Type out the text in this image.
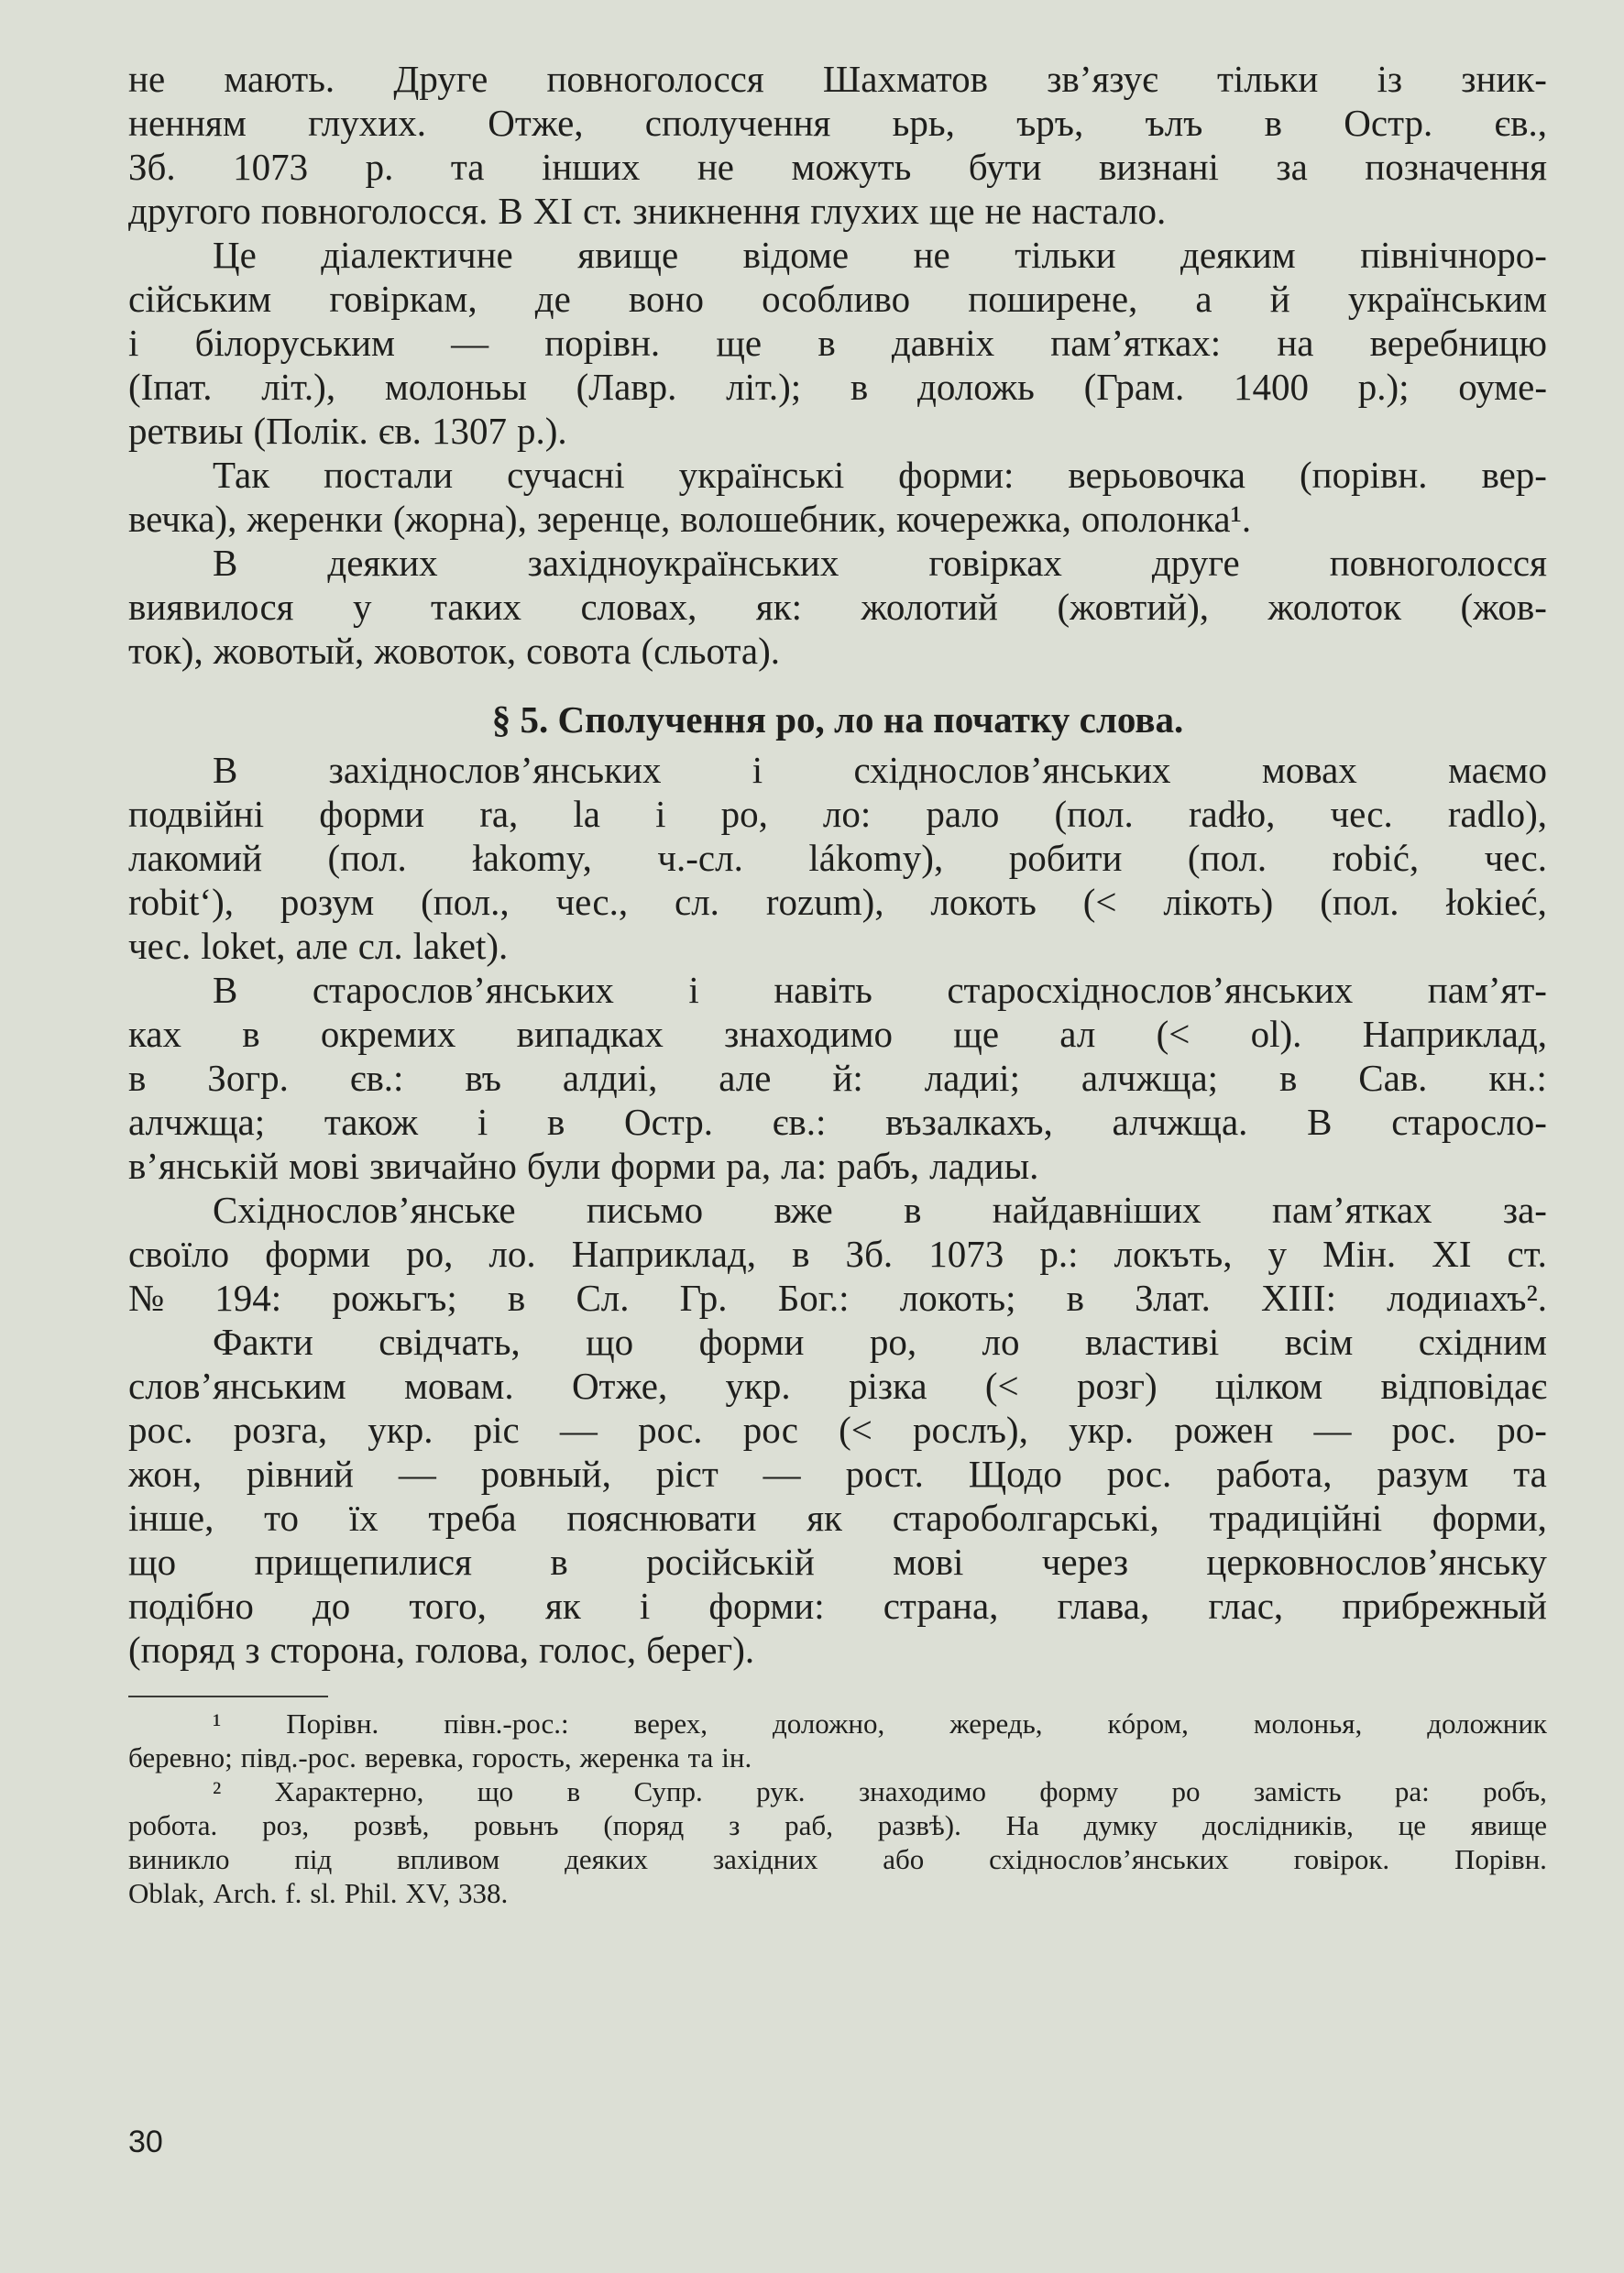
не мають. Друге повноголосся Шахматов зв’язує тільки із зник-
ненням глухих. Отже, сполучення ьрь, ъръ, ълъ в Остр. єв.,
Зб. 1073 р. та інших не можуть бути визнані за позначення
другого повноголосся. В XI ст. зникнення глухих ще не настало.
Це діалектичне явище відоме не тільки деяким північноро-
сійським говіркам, де воно особливо поширене, а й українським
і білоруським — порівн. ще в давніх пам’ятках: на веребницю
(Іпат. літ.), молоньы (Лавр. літ.); в доложь (Грам. 1400 р.); оуме-
ретвиы (Полік. єв. 1307 р.).
Так постали сучасні українські форми: верьовочка (порівн. вер-
вечка), жеренки (жорна), зеренце, волошебник, кочережка, ополонка¹.
В деяких західноукраїнських говірках друге повноголосся
виявилося у таких словах, як: жолотий (жовтий), жолоток (жов-
ток), жовотый, жовоток, совота (сльота).
§ 5. Сполучення ро, ло на початку слова.
В західнослов’янських і східнослов’янських мовах маємо
подвійні форми ra, la і ро, ло: рало (пол. radło, чес. radlo),
лакомий (пол. łakomy, ч.-сл. lákomy), робити (пол. robić, чес.
robit‘), розум (пол., чес., сл. rozum), локоть (< лікоть) (пол. łokieć,
чес. loket, але сл. laket).
В старослов’янських і навіть старосхіднослов’янських пам’ят-
ках в окремих випадках знаходимо ще ал (< ol). Наприклад,
в Зогр. єв.: въ алдиі, але й: ладиі; алчжща; в Сав. кн.:
алчжща; також і в Остр. єв.: възалкахъ, алчжща. В старосло-
в’янській мові звичайно були форми ра, ла: рабъ, ладиы.
Східнослов’янське письмо вже в найдавніших пам’ятках за-
своїло форми ро, ло. Наприклад, в Зб. 1073 р.: локъть, у Мін. XI ст.
№ 194: рожьгъ; в Сл. Гр. Бог.: локоть; в Злат. XIII: лодиıахъ².
Факти свідчать, що форми ро, ло властиві всім східним
слов’янським мовам. Отже, укр. різка (< розг) цілком відповідає
рос. розга, укр. ріс — рос. рос (< рослъ), укр. рожен — рос. ро-
жон, рівний — ровный, ріст — рост. Щодо рос. работа, разум та
інше, то їх треба пояснювати як староболгарські, традиційні форми,
що прищепилися в російській мові через церковнослов’янську
подібно до того, як і форми: страна, глава, глас, прибрежный
(поряд з сторона, голова, голос, берег).
¹ Порівн. півн.-рос.: верех, доложно, жередь, кóром, молонья, доложник
беревно; півд.-рос. веревка, горость, жеренка та ін.
² Характерно, що в Супр. рук. знаходимо форму ро замість ра: робъ,
робота. роз, розвѣ, ровьнъ (поряд з раб, развѣ). На думку дослідників, це явище
виникло під впливом деяких західних або східнослов’янських говірок. Порівн.
Oblak, Arch. f. sl. Phil. XV, 338.
30
